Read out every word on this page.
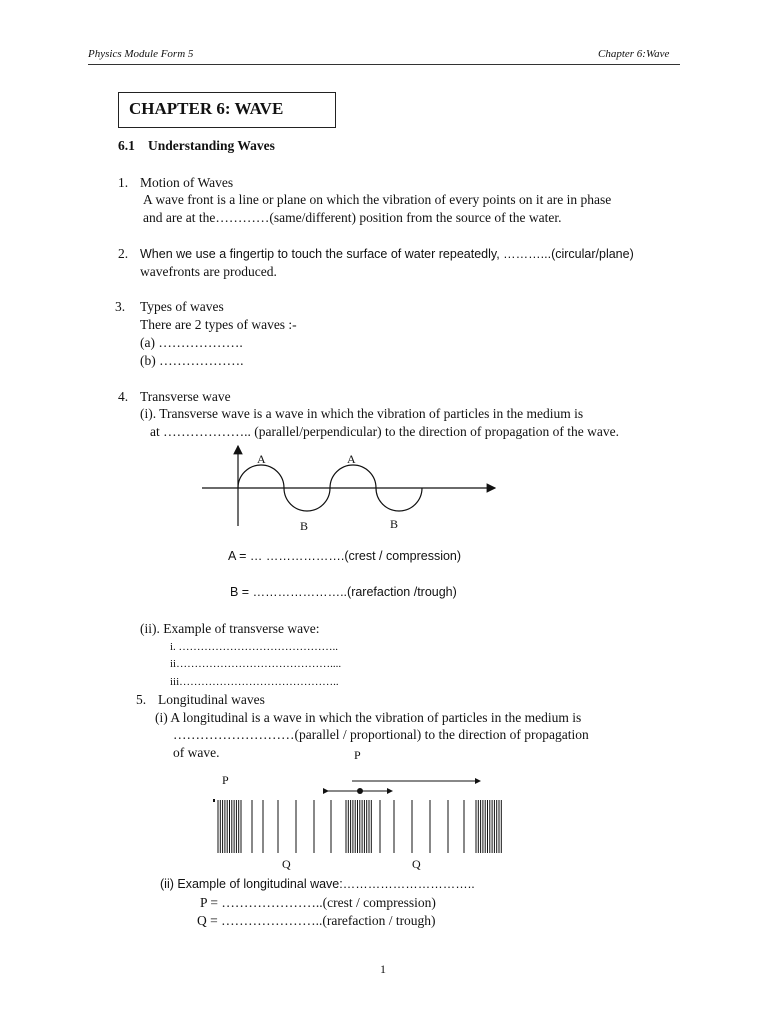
Physics Module Form 5	Chapter 6:Wave
CHAPTER 6: WAVE
6.1 Understanding Waves
1. Motion of Waves
A wave front is a line or plane on which the vibration of every points on it are in phase
and are at the…………(same/different) position from the source of the water.
2. When we use a fingertip to touch the surface of water repeatedly, ………...(circular/plane)
wavefronts are produced.
3. Types of waves
There are 2 types of waves :-
(a) ……………….
(b) ……………….
4. Transverse wave
(i). Transverse wave is a wave in which the vibration of particles in the medium is
at ……………….. (parallel/perpendicular) to the direction of propagation of the wave.
A	A
B	B
A = … ……………….(crest / compression)
B = …………………..(rarefaction /trough)
(ii). Example of transverse wave:
i. ……………………………………..
ii……………………………………....
iii……………………………………..
5. Longitudinal waves
(i) A longitudinal is a wave in which the vibration of particles in the medium is
………………………(parallel / proportional) to the direction of propagation
of wave.
P
P
Q	Q
(ii) Example of longitudinal wave:…………………………..
P = …………………..(crest / compression)
Q = …………………..(rarefaction / trough)
1
